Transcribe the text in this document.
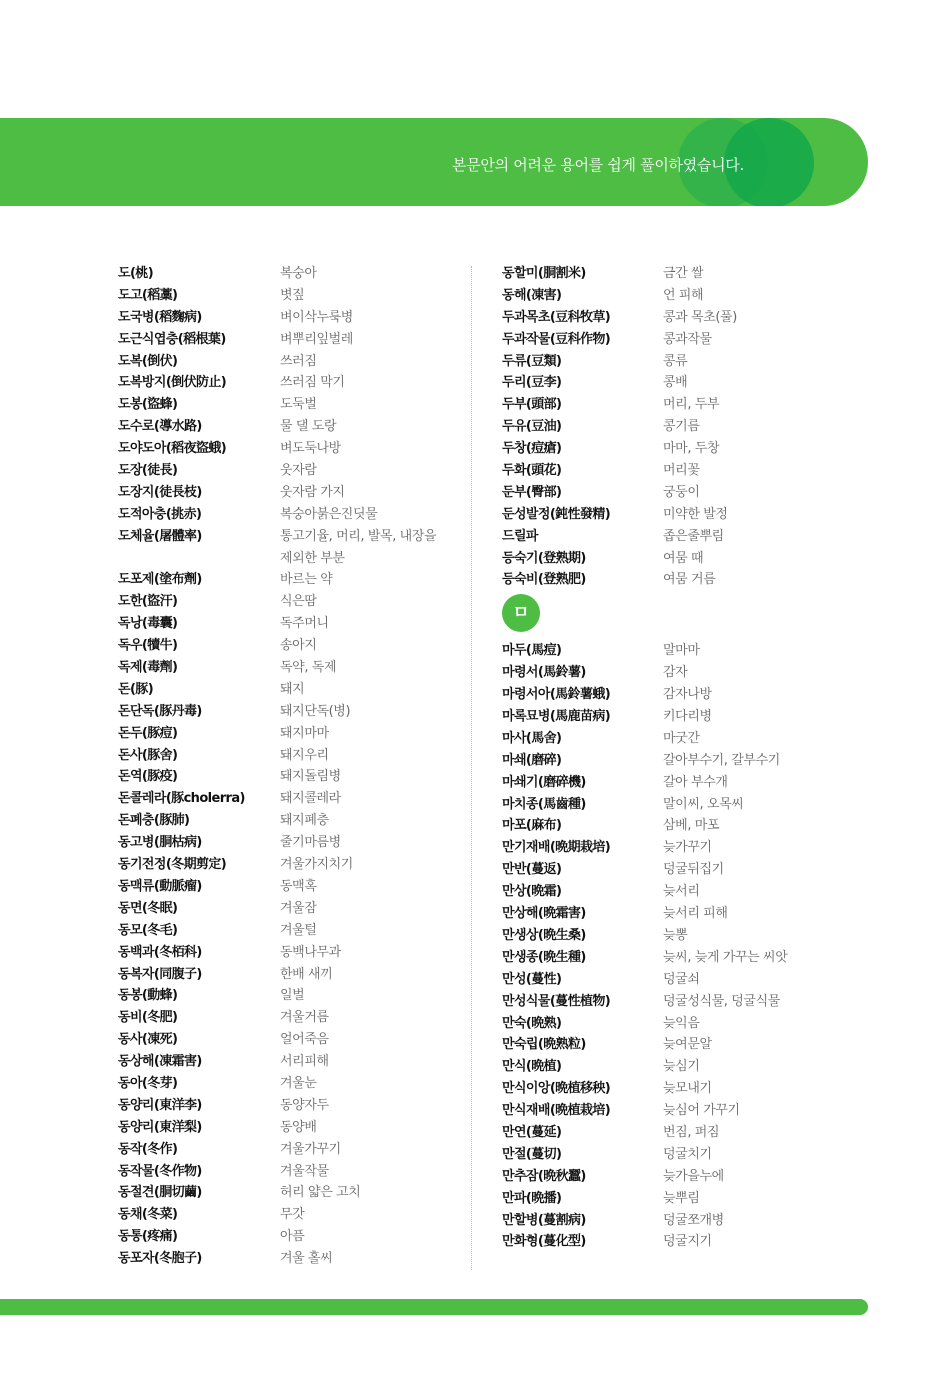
본문안의 어려운 용어를 쉽게 풀이하였습니다.
도(桃)	복숭아
도고(稻藁)	볏짚
도국병(稻麴病)	벼이삭누룩병
도근식엽충(稻根葉)	벼뿌리잎벌레
도복(倒伏)	쓰러짐
도복방지(倒伏防止)	쓰러짐 막기
도봉(盜蜂)	도둑벌
도수로(導水路)	물 댈 도랑
도야도아(稻夜盜蛾)	벼도둑나방
도장(徒長)	웃자람
도장지(徒長枝)	웃자람 가지
도적아충(挑赤)	복숭아붉은진딧물
도체율(屠體率)	통고기율, 머리, 발목, 내장을
제외한 부분
도포제(塗布劑)	바르는 약
도한(盜汗)	식은땀
독낭(毒囊)	독주머니
독우(犢牛)	송아지
독제(毒劑)	독약, 독제
돈(豚)	돼지
돈단독(豚丹毒)	돼지단독(병)
돈두(豚痘)	돼지마마
돈사(豚舍)	돼지우리
돈역(豚疫)	돼지돌림병
돈콜레라(豚cholerra)	돼지콜레라
돈폐충(豚肺)	돼지폐충
동고병(胴枯病)	줄기마름병
동기전정(冬期剪定)	겨울가지치기
동맥류(動脈瘤)	동맥혹
동면(冬眠)	겨울잠
동모(冬毛)	겨울털
동백과(冬栢科)	동백나무과
동복자(同腹子)	한배 새끼
동봉(動蜂)	일벌
동비(冬肥)	겨울거름
동사(凍死)	얼어죽음
동상해(凍霜害)	서리피해
동아(冬芽)	겨울눈
동양리(東洋李)	동양자두
동양리(東洋梨)	동양배
동작(冬作)	겨울가꾸기
동작물(冬作物)	겨울작물
동절견(胴切繭)	허리 얇은 고치
동채(冬菜)	무갓
동통(疼痛)	아픔
동포자(冬胞子)	겨울 홀씨
동할미(胴割米)	금간 쌀
동해(凍害)	언 피해
두과목초(豆科牧草)	콩과 목초(풀)
두과작물(豆科作物)	콩과작물
두류(豆類)	콩류
두리(豆李)	콩배
두부(頭部)	머리, 두부
두유(豆油)	콩기름
두창(痘瘡)	마마, 두창
두화(頭花)	머리꽃
둔부(臀部)	궁둥이
둔성발정(鈍性發精)	미약한 발정
드릴파	좁은줄뿌림
등숙기(登熟期)	여뭄 때
등숙비(登熟肥)	여뭄 거름
ㅁ
마두(馬痘)	말마마
마령서(馬鈴薯)	감자
마령서아(馬鈴薯蛾)	감자나방
마록묘병(馬鹿苗病)	키다리병
마사(馬舍)	마굿간
마쇄(磨碎)	갈아부수기, 갈부수기
마쇄기(磨碎機)	갈아 부수개
마치종(馬齒種)	말이씨, 오목씨
마포(麻布)	삼베, 마포
만기재배(晩期栽培)	늦가꾸기
만반(蔓返)	덩굴뒤집기
만상(晩霜)	늦서리
만상해(晩霜害)	늦서리 피해
만생상(晩生桑)	늦뽕
만생종(晩生種)	늦씨, 늦게 가꾸는 씨앗
만성(蔓性)	덩굴쇠
만성식물(蔓性植物)	덩굴성식물, 덩굴식물
만숙(晩熟)	늦익음
만숙립(晩熟粒)	늦여문알
만식(晩植)	늦심기
만식이앙(晩植移秧)	늦모내기
만식재배(晩植栽培)	늦심어 가꾸기
만연(蔓延)	번짐, 퍼짐
만절(蔓切)	덩굴치기
만추잠(晩秋蠶)	늦가을누에
만파(晩播)	늦뿌림
만할병(蔓割病)	덩굴쪼개병
만화형(蔓化型)	덩굴지기
